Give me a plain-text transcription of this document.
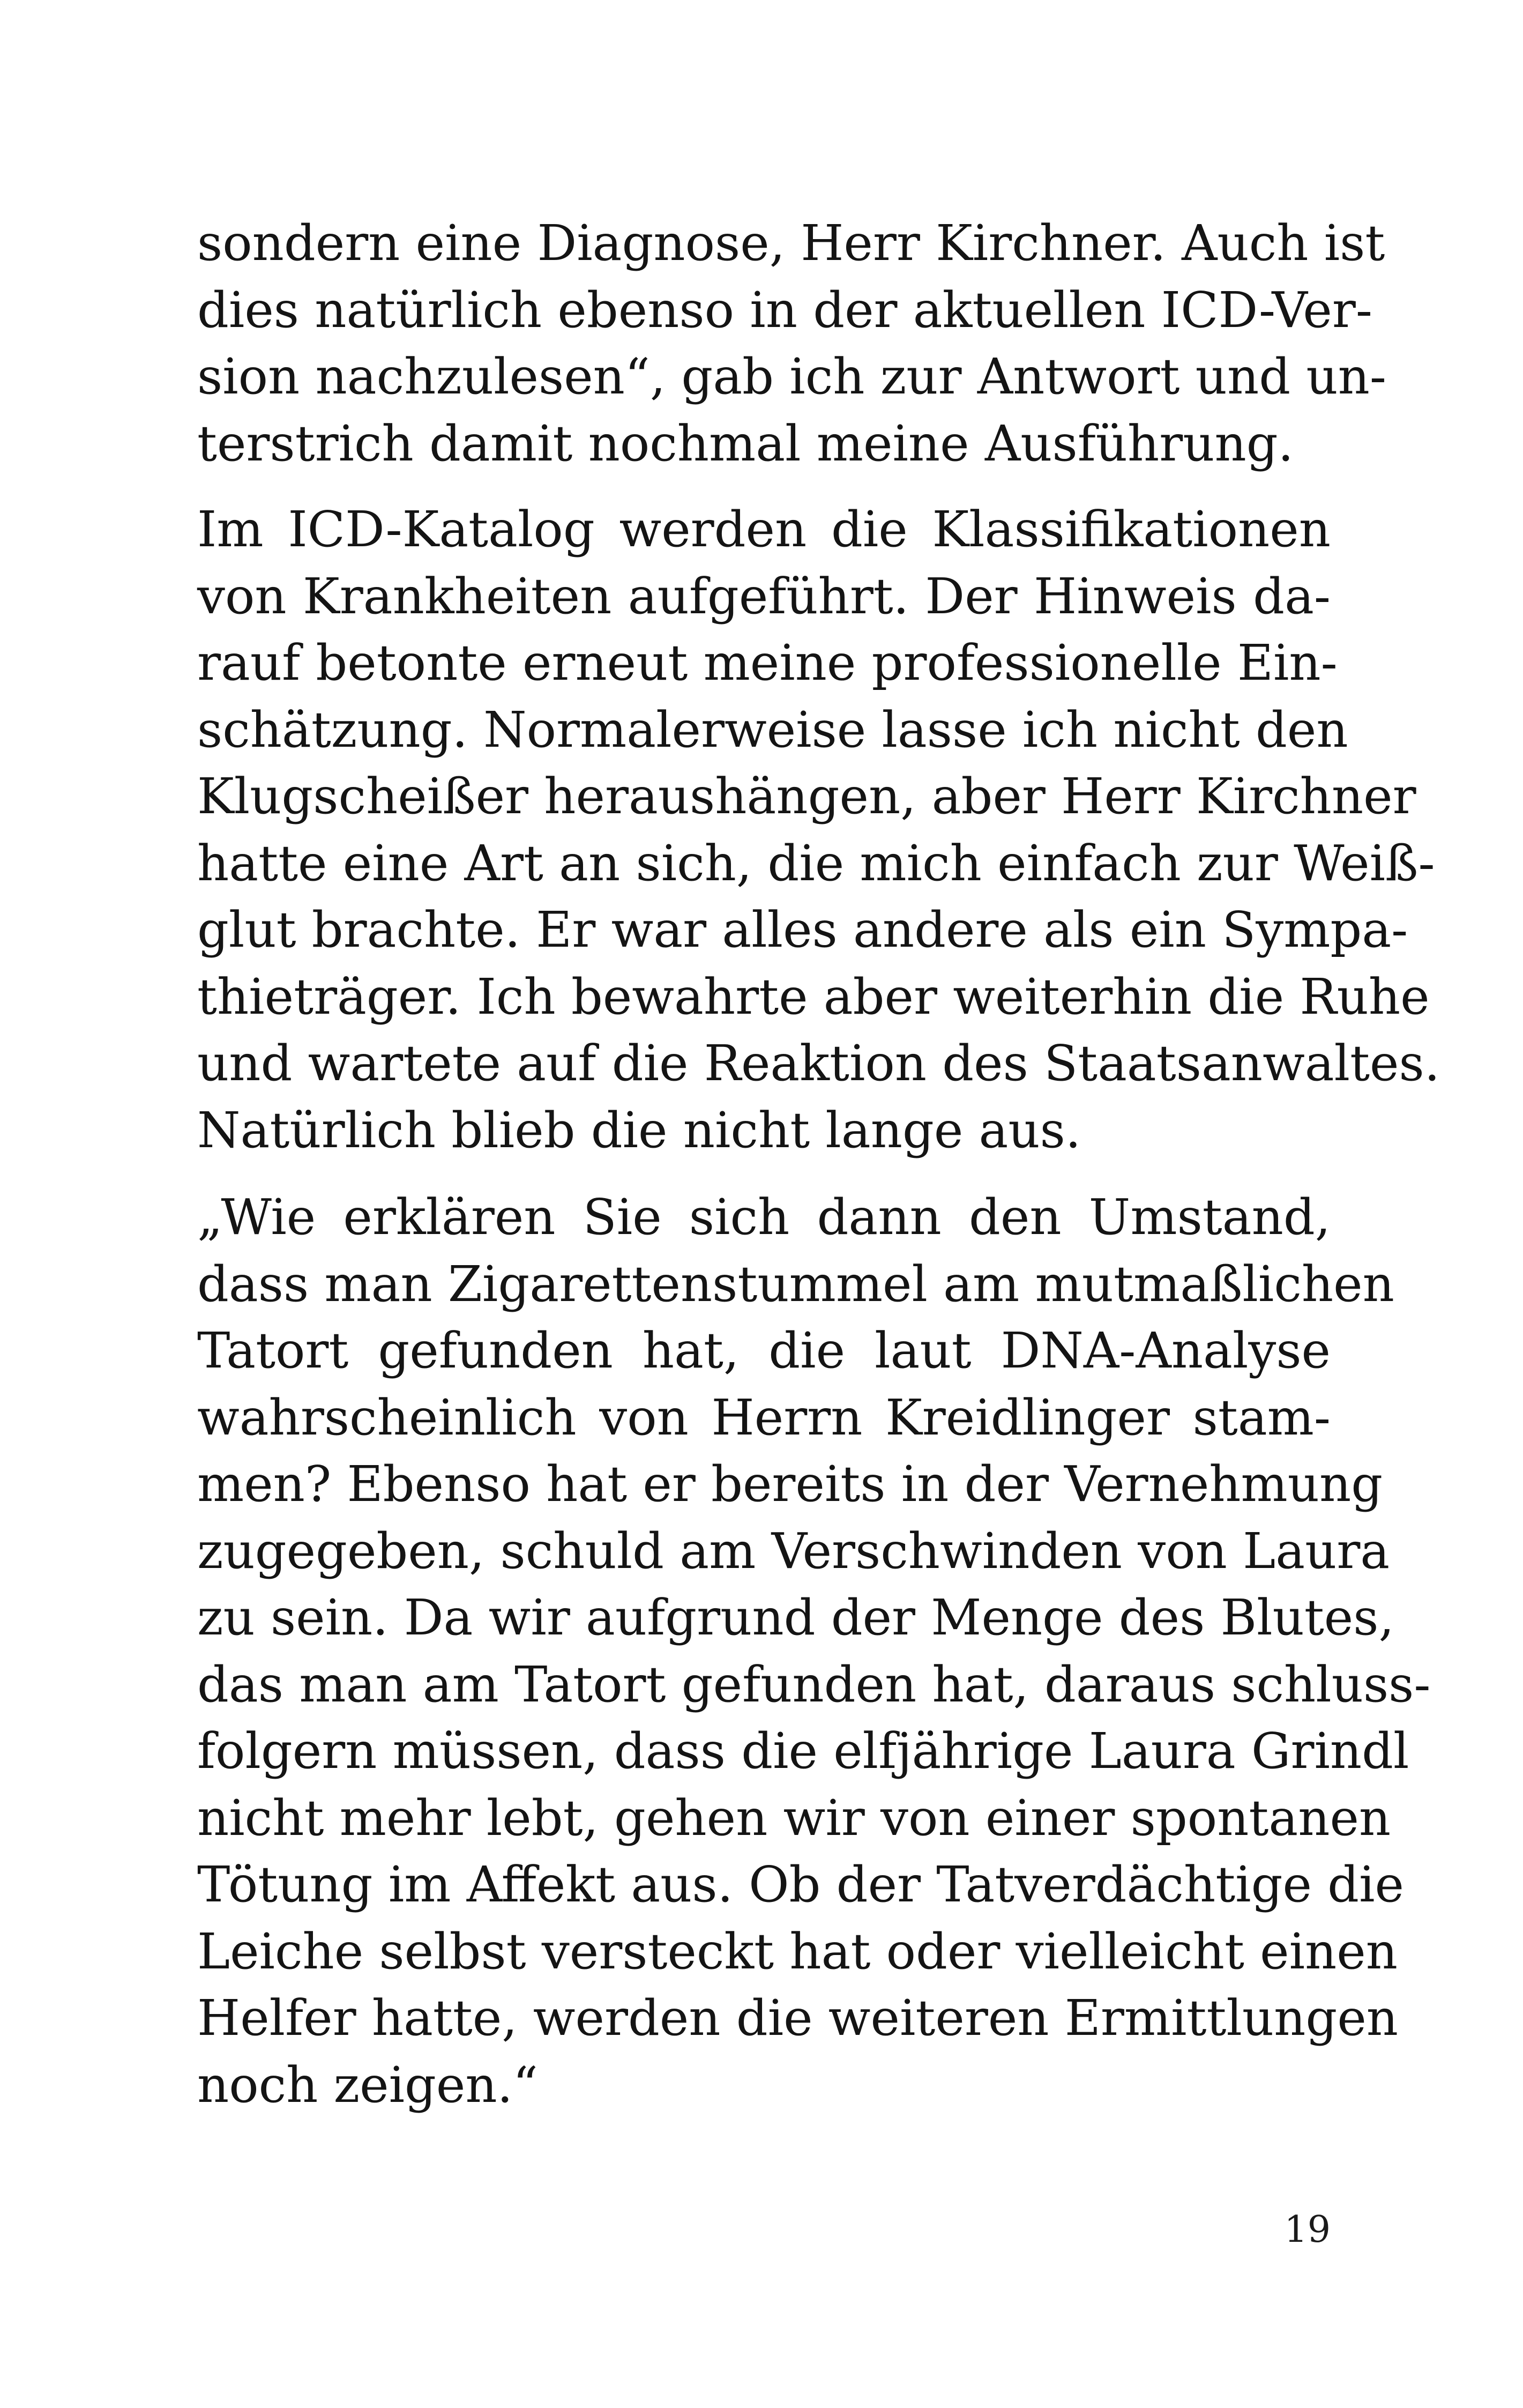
sondern eine Diagnose, Herr Kirchner. Auch ist
dies natürlich ebenso in der aktuellen ICD-Ver-
sion nachzulesen“, gab ich zur Antwort und un-
terstrich damit nochmal meine Ausführung.

Im ICD-Katalog werden die Klassifikationen
von Krankheiten aufgeführt. Der Hinweis da-
rauf betonte erneut meine professionelle Ein-
schätzung. Normalerweise lasse ich nicht den
Klugscheißer heraushängen, aber Herr Kirchner
hatte eine Art an sich, die mich einfach zur Weiß-
glut brachte. Er war alles andere als ein Sympa-
thieträger. Ich bewahrte aber weiterhin die Ruhe
und wartete auf die Reaktion des Staatsanwaltes.
Natürlich blieb die nicht lange aus.

„Wie erklären Sie sich dann den Umstand,
dass man Zigarettenstummel am mutmaßlichen
Tatort gefunden hat, die laut DNA-Analyse
wahrscheinlich von Herrn Kreidlinger stam-
men? Ebenso hat er bereits in der Vernehmung
zugegeben, schuld am Verschwinden von Laura
zu sein. Da wir aufgrund der Menge des Blutes,
das man am Tatort gefunden hat, daraus schluss-
folgern müssen, dass die elfjährige Laura Grindl
nicht mehr lebt, gehen wir von einer spontanen
Tötung im Affekt aus. Ob der Tatverdächtige die
Leiche selbst versteckt hat oder vielleicht einen
Helfer hatte, werden die weiteren Ermittlungen
noch zeigen.“

19
